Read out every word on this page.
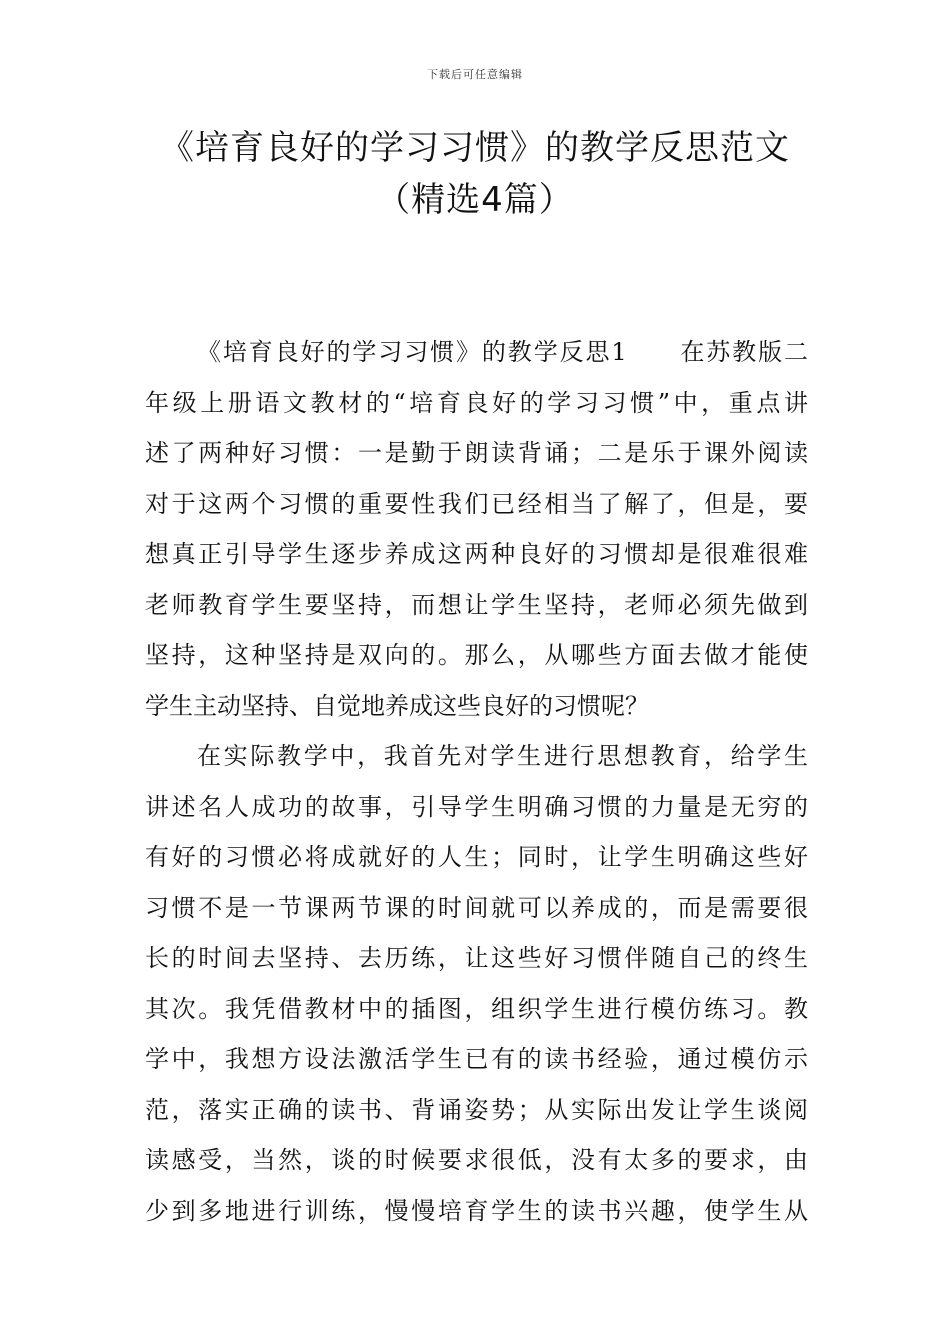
下载后可任意编辑
《培育良好的学习习惯》的教学反思范文
（精选4篇）
《培育良好的学习习惯》的教学反思1　　在苏教版二
年级上册语文教材的“培育良好的学习习惯”中，重点讲
述了两种好习惯：一是勤于朗读背诵；二是乐于课外阅读
对于这两个习惯的重要性我们已经相当了解了，但是，要
想真正引导学生逐步养成这两种良好的习惯却是很难很难
老师教育学生要坚持，而想让学生坚持，老师必须先做到
坚持，这种坚持是双向的。那么，从哪些方面去做才能使
学生主动坚持、自觉地养成这些良好的习惯呢？
在实际教学中，我首先对学生进行思想教育，给学生
讲述名人成功的故事，引导学生明确习惯的力量是无穷的
有好的习惯必将成就好的人生；同时，让学生明确这些好
习惯不是一节课两节课的时间就可以养成的，而是需要很
长的时间去坚持、去历练，让这些好习惯伴随自己的终生
其次。我凭借教材中的插图，组织学生进行模仿练习。教
学中，我想方设法激活学生已有的读书经验，通过模仿示
范，落实正确的读书、背诵姿势；从实际出发让学生谈阅
读感受，当然，谈的时候要求很低，没有太多的要求，由
少到多地进行训练，慢慢培育学生的读书兴趣，使学生从
